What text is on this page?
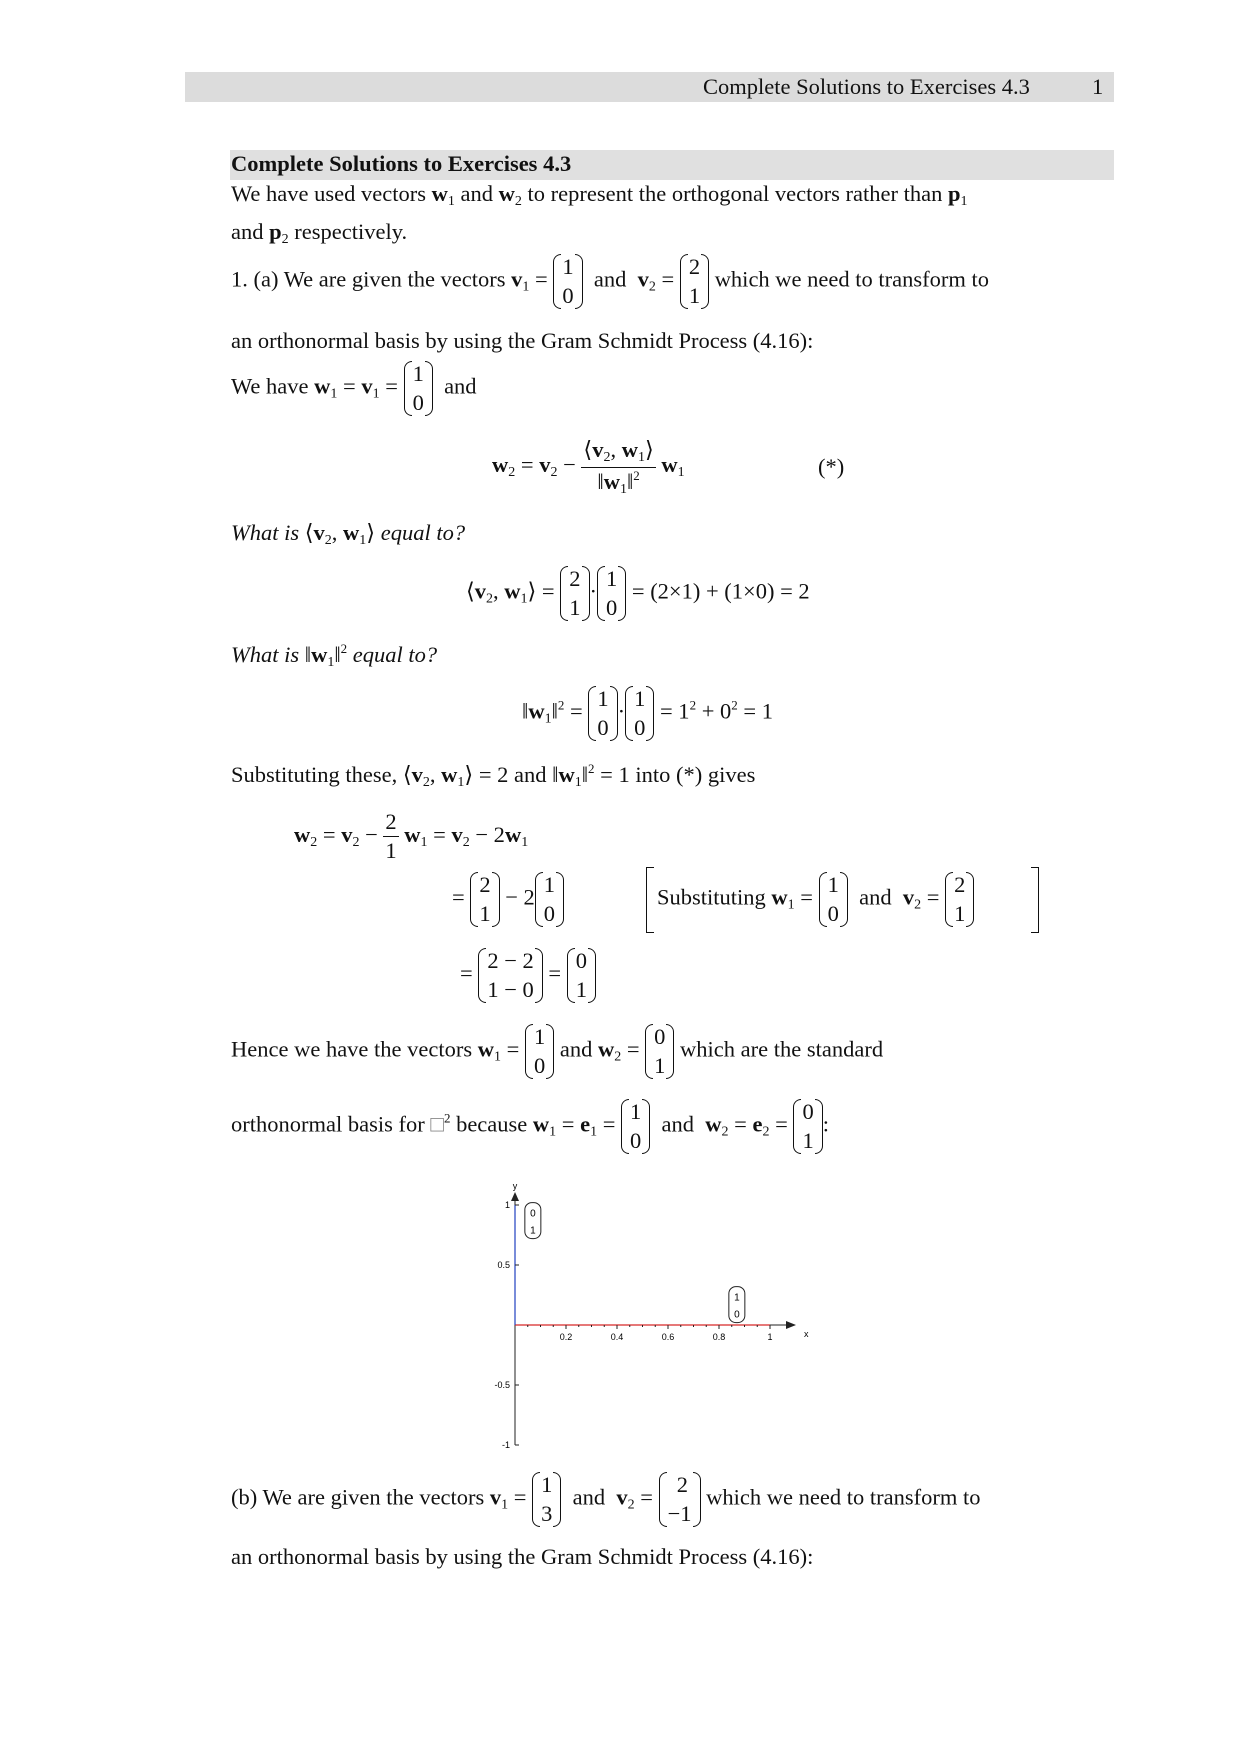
Complete Solutions to Exercises 4.3	1
Complete Solutions to Exercises 4.3
We have used vectors $w_1$ and $w_2$ to represent the orthogonal vectors rather than $p_1$
and $p_2$ respectively.
1. (a) We are given the vectors $v_1 = 1$
0
and $v_2 = 2$
1
which we need to transform to
an orthonormal basis by using the Gram Schmidt Process (4.16):
We have $w_1 = v_1 = 1$
0
and
$w_2 = v_2 - \frac{⟨v_2, w_1⟩}{‖w_1‖^2} w_1$	(*)
What is $⟨v_2$, $w_1⟩$ equal to?
$⟨v_2$, $w_1⟩ = 2$
1
· 1
0
= (2×1) + (1×0) = 2
What is $‖w_1‖^2$ equal to?
$‖w_1‖^2 = 1$
0
· 1
0
= $1^2 + 0^2 = 1$
Substituting these, $⟨v_2$, $w_1⟩ = 2$ and $‖w_1‖^2 = 1$ into (*) gives
$w_2 = v_2 - \frac{2}{1} w_1 = v_2 - 2w_1$
= 2
1
− 2 1
0
Substituting $w_1 = 1$
0
and $v_2 = 2$
1
= 2 − 2
1 − 0
= 0
1
Hence we have the vectors $w_1 = 1$
0
and $w_2 = 0$
1
which are the standard
orthonormal basis for □$^2$ because $w_1 = e_1 = 1$
0
and $w_2 = e_2 = 0$
1
:
y
x
0.2	0.4	0.6	0.8	1
1
0.5
-0.5
-1
0
1
1
0
(b) We are given the vectors $v_1 = 1$
3
and $v_2 = 2$
−1
which we need to transform to
an orthonormal basis by using the Gram Schmidt Process (4.16):
